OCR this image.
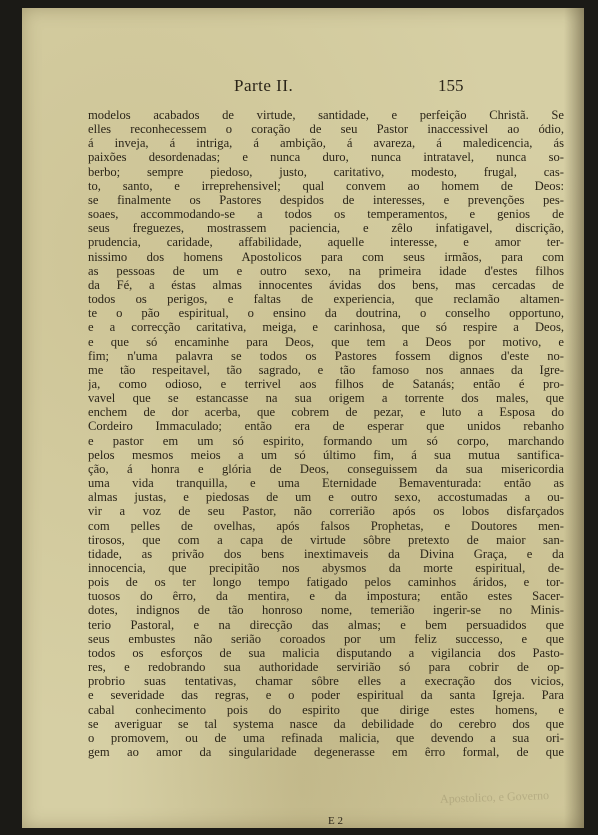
Parte II.	155
modelos acabados de virtude, santidade, e perfeição Christã. Se
elles reconhecessem o coração de seu Pastor inaccessivel ao ódio,
á inveja, á intriga, á ambição, á avareza, á maledicencia, ás
paixões desordenadas; e nunca duro, nunca intratavel, nunca so-
berbo; sempre piedoso, justo, caritativo, modesto, frugal, cas-
to, santo, e irreprehensivel; qual convem ao homem de Deos:
se finalmente os Pastores despidos de interesses, e prevenções pes-
soaes, accommodando-se a todos os temperamentos, e genios de
seus freguezes, mostrassem paciencia, e zêlo infatigavel, discrição,
prudencia, caridade, affabilidade, aquelle interesse, e amor ter-
nissimo dos homens Apostolicos para com seus irmãos, para com
as pessoas de um e outro sexo, na primeira idade d'estes filhos
da Fé, a éstas almas innocentes ávidas dos bens, mas cercadas de
todos os perigos, e faltas de experiencia, que reclamão altamen-
te o pão espiritual, o ensino da doutrina, o conselho opportuno,
e a correcção caritativa, meiga, e carinhosa, que só respire a Deos,
e que só encaminhe para Deos, que tem a Deos por motivo, e
fim; n'uma palavra se todos os Pastores fossem dignos d'este no-
me tão respeitavel, tão sagrado, e tão famoso nos annaes da Igre-
ja, como odioso, e terrivel aos filhos de Satanás; então é pro-
vavel que se estancasse na sua origem a torrente dos males, que
enchem de dor acerba, que cobrem de pezar, e luto a Esposa do
Cordeiro Immaculado; então era de esperar que unidos rebanho
e pastor em um só espirito, formando um só corpo, marchando
pelos mesmos meios a um só último fim, á sua mutua santifica-
ção, á honra e glória de Deos, conseguissem da sua misericordia
uma vida tranquilla, e uma Eternidade Bemaventurada: então as
almas justas, e piedosas de um e outro sexo, accostumadas a ou-
vir a voz de seu Pastor, não correrião após os lobos disfarçados
com pelles de ovelhas, após falsos Prophetas, e Doutores men-
tirosos, que com a capa de virtude sôbre pretexto de maior san-
tidade, as privão dos bens inextimaveis da Divina Graça, e da
innocencia, que precipitão nos abysmos da morte espiritual, de-
pois de os ter longo tempo fatigado pelos caminhos áridos, e tor-
tuosos do êrro, da mentira, e da impostura; então estes Sacer-
dotes, indignos de tão honroso nome, temerião ingerir-se no Minis-
terio Pastoral, e na direcção das almas; e bem persuadidos que
seus embustes não serião coroados por um feliz successo, e que
todos os esforços de sua malicia disputando a vigilancia dos Pasto-
res, e redobrando sua authoridade servirião só para cobrir de op-
probrio suas tentativas, chamar sôbre elles a execração dos vicios,
e severidade das regras, e o poder espiritual da santa Igreja. Para
cabal conhecimento pois do espirito que dirige estes homens, e
se averiguar se tal systema nasce da debilidade do cerebro dos que
o promovem, ou de uma refinada malicia, que devendo a sua ori-
gem ao amor da singularidade degenerasse em êrro formal, de que
Apostolico, e Governo
E 2
